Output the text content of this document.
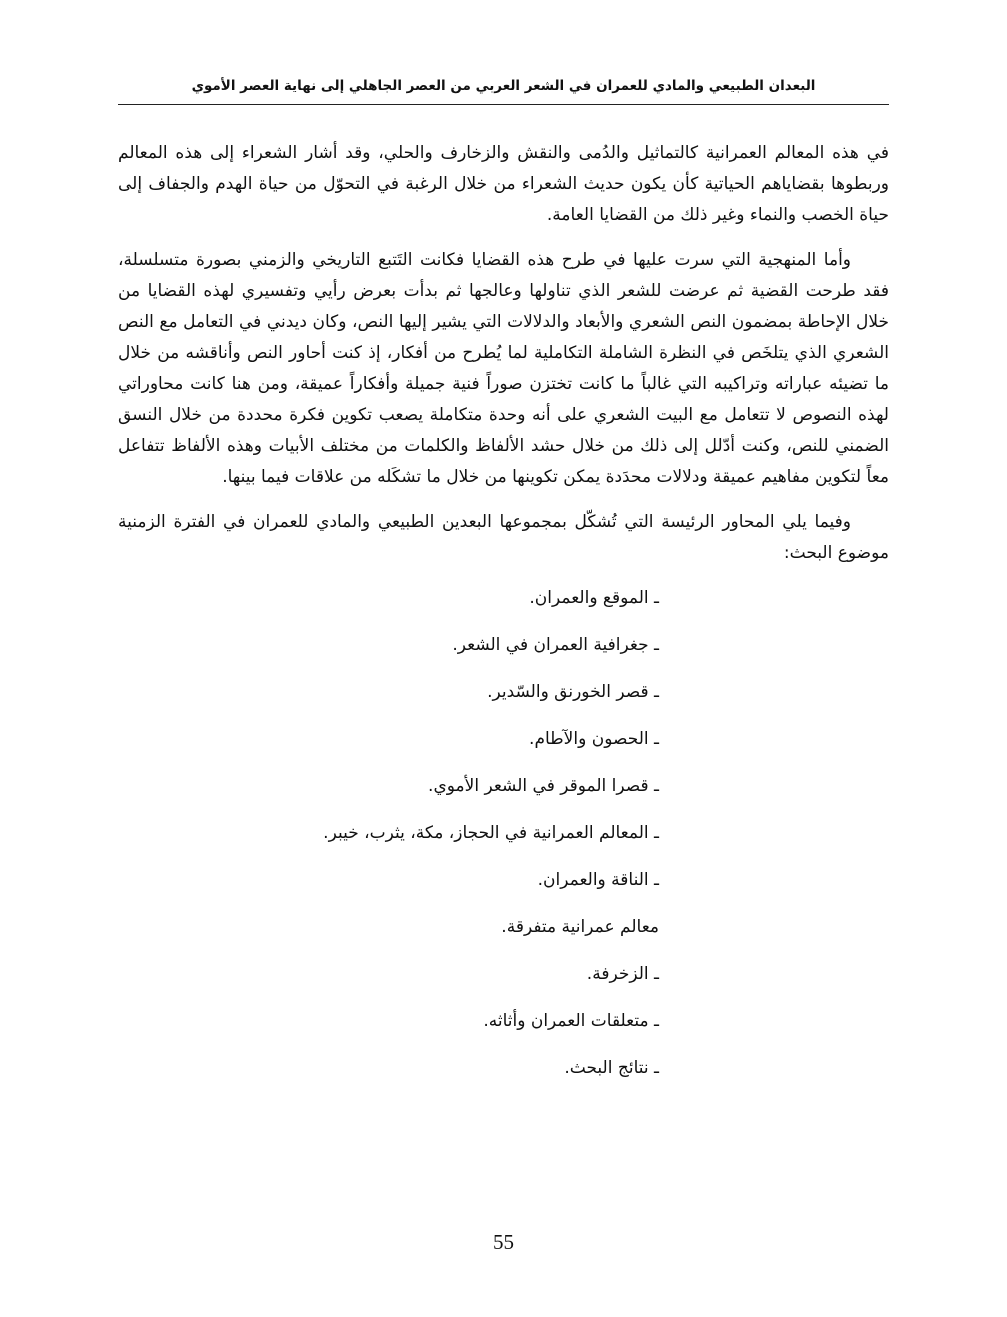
البعدان الطبيعي والمادي للعمران في الشعر العربي من العصر الجاهلي إلى نهاية العصر الأموي

في هذه المعالم العمرانية كالتماثيل والدُمى والنقش والزخارف والحلي، وقد أشار الشعراء إلى هذه المعالم وربطوها بقضاياهم الحياتية كأن يكون حديث الشعراء من خلال الرغبة في التحوّل من حياة الهدم والجفاف إلى حياة الخصب والنماء وغير ذلك من القضايا العامة.

وأما المنهجية التي سرت عليها في طرح هذه القضايا فكانت التَتبع التاريخي والزمني بصورة متسلسلة، فقد طرحت القضية ثم عرضت للشعر الذي تناولها وعالجها ثم بدأت بعرض رأيي وتفسيري لهذه القضايا من خلال الإحاطة بمضمون النص الشعري والأبعاد والدلالات التي يشير إليها النص، وكان ديدني في التعامل مع النص الشعري الذي يتلخَص في النظرة الشاملة التكاملية لما يُطرح من أفكار، إذ كنت أحاور النص وأناقشه من خلال ما تضيئه عباراته وتراكيبه التي غالباً ما كانت تختزن صوراً فنية جميلة وأفكاراً عميقة، ومن هنا كانت محاوراتي لهذه النصوص لا تتعامل مع البيت الشعري على أنه وحدة متكاملة يصعب تكوين فكرة محددة من خلال النسق الضمني للنص، وكنت أدّلل إلى ذلك من خلال حشد الألفاظ والكلمات من مختلف الأبيات وهذه الألفاظ تتفاعل معاً لتكوين مفاهيم عميقة ودلالات محدَدة يمكن تكوينها من خلال ما تشكَله من علاقات فيما بينها.

وفيما يلي المحاور الرئيسة التي تُشكّل بمجموعها البعدين الطبيعي والمادي للعمران في الفترة الزمنية موضوع البحث:

ـ الموقع والعمران.
ـ جغرافية العمران في الشعر.
ـ قصر الخورنق والسّدير.
ـ الحصون والآطام.
ـ قصرا الموقر في الشعر الأموي.
ـ المعالم العمرانية في الحجاز، مكة، يثرب، خيبر.
ـ الناقة والعمران.
معالم عمرانية متفرقة.
ـ الزخرفة.
ـ متعلقات العمران وأثاثه.
ـ نتائج البحث.
55
